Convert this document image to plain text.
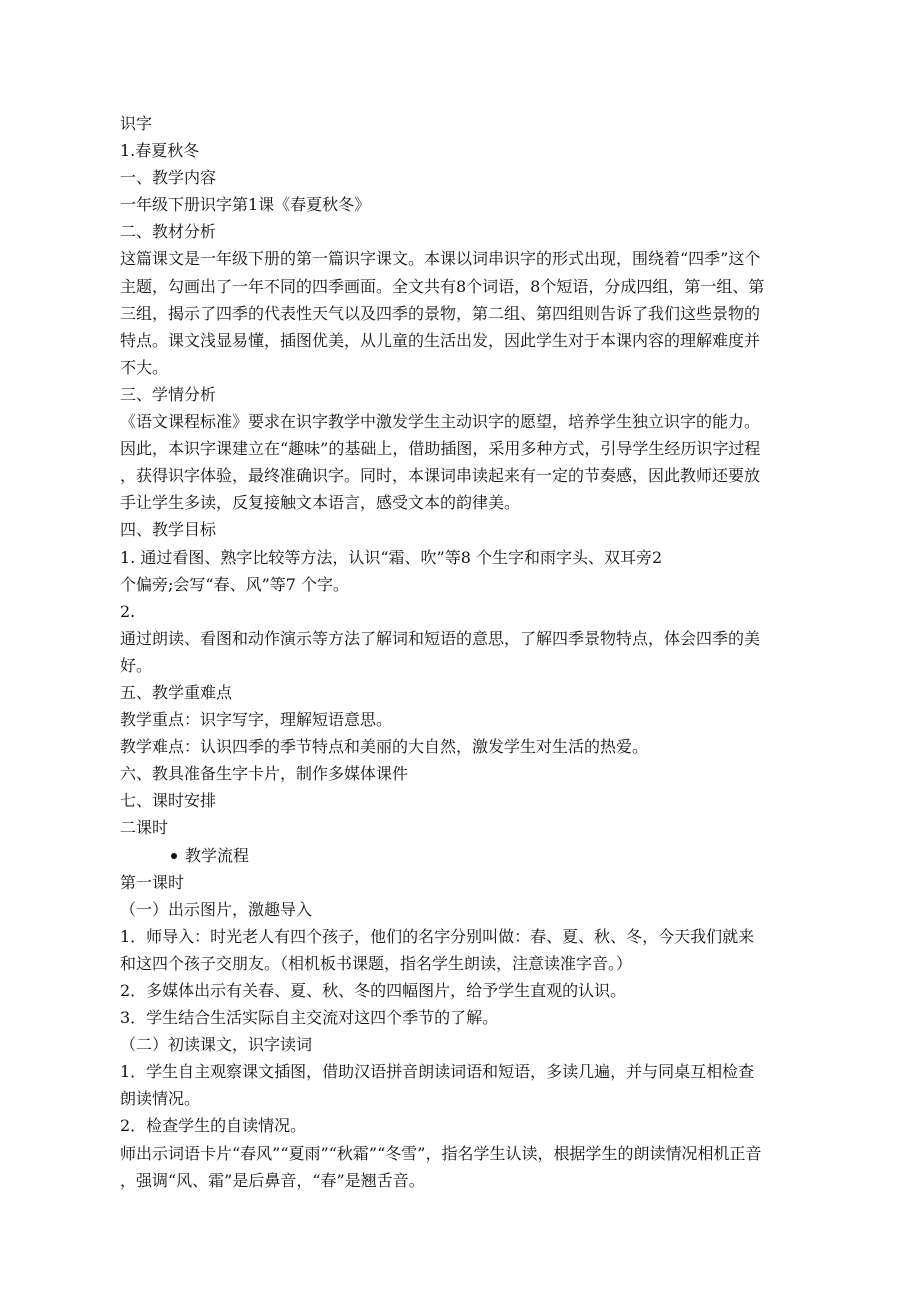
识字
1.春夏秋冬
一、教学内容
一年级下册识字第1课《春夏秋冬》
二、教材分析
这篇课文是一年级下册的第一篇识字课文。本课以词串识字的形式出现，围绕着“四季”这个
主题，勾画出了一年不同的四季画面。全文共有8个词语，8个短语，分成四组，第一组、第
三组，揭示了四季的代表性天气以及四季的景物，第二组、第四组则告诉了我们这些景物的
特点。课文浅显易懂，插图优美，从儿童的生活出发，因此学生对于本课内容的理解难度并
不大。
三、学情分析
《语文课程标准》要求在识字教学中激发学生主动识字的愿望，培养学生独立识字的能力。
因此，本识字课建立在“趣味”的基础上，借助插图，采用多种方式，引导学生经历识字过程
，获得识字体验，最终准确识字。同时，本课词串读起来有一定的节奏感，因此教师还要放
手让学生多读，反复接触文本语言，感受文本的韵律美。
四、教学目标
1. 通过看图、熟字比较等方法，认识“霜、吹”等8 个生字和雨字头、双耳旁2
个偏旁;会写“春、风”等7 个字。
2.
通过朗读、看图和动作演示等方法了解词和短语的意思，了解四季景物特点，体会四季的美
好。
五、教学重难点
教学重点：识字写字，理解短语意思。
教学难点：认识四季的季节特点和美丽的大自然，激发学生对生活的热爱。
六、教具准备生字卡片，制作多媒体课件
七、课时安排
二课时
教学流程
第一课时
（一）出示图片，激趣导入
1．师导入：时光老人有四个孩子，他们的名字分别叫做：春、夏、秋、冬，今天我们就来
和这四个孩子交朋友。（相机板书课题，指名学生朗读，注意读准字音。）
2．多媒体出示有关春、夏、秋、冬的四幅图片，给予学生直观的认识。
3．学生结合生活实际自主交流对这四个季节的了解。
（二）初读课文，识字读词
1．学生自主观察课文插图，借助汉语拼音朗读词语和短语，多读几遍，并与同桌互相检查
朗读情况。
2．检查学生的自读情况。
师出示词语卡片“春风”“夏雨”“秋霜”“冬雪”，指名学生认读，根据学生的朗读情况相机正音
，强调“风、霜”是后鼻音，“春”是翘舌音。
